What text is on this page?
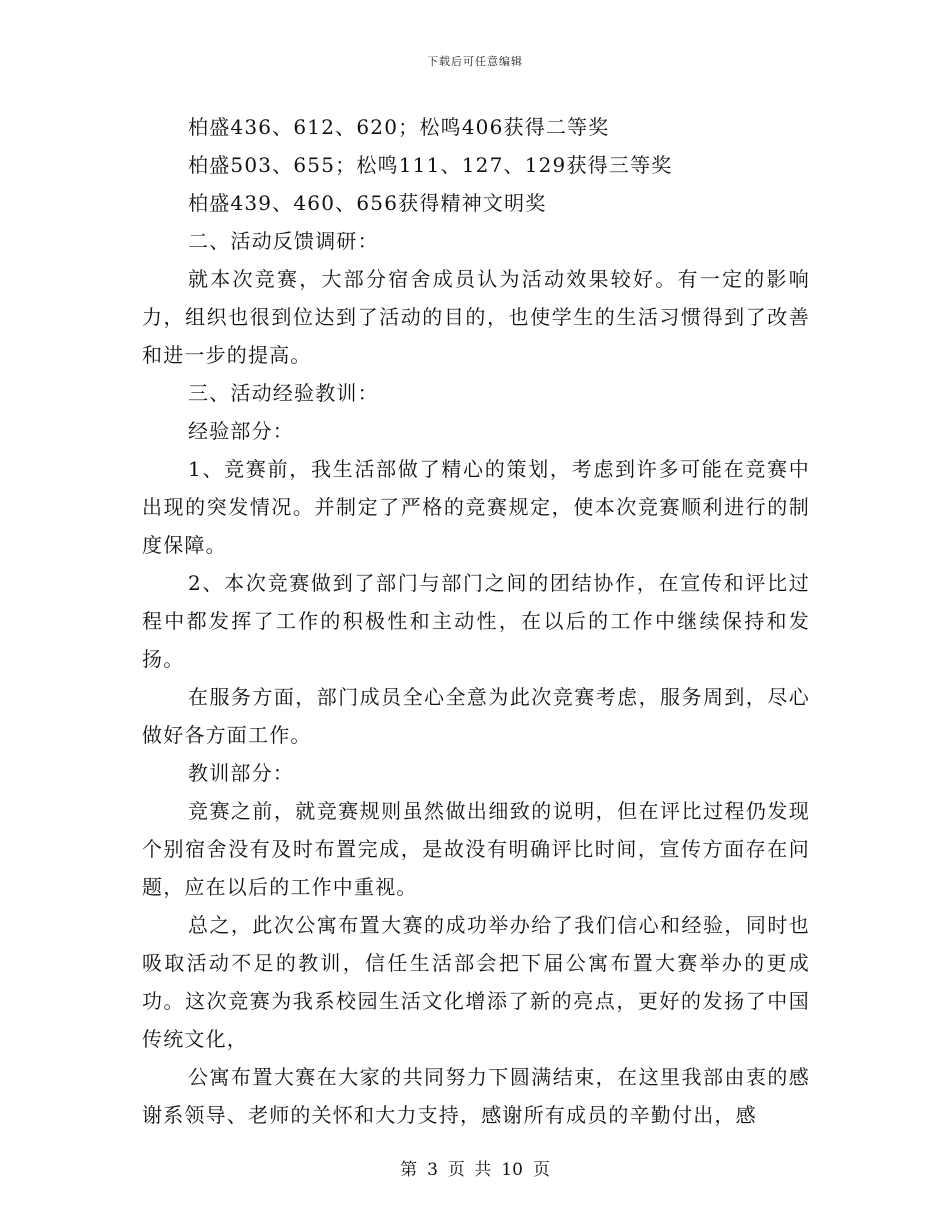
下载后可任意编辑

柏盛436、612、620；松鸣406获得二等奖

柏盛503、655；松鸣111、127、129获得三等奖

柏盛439、460、656获得精神文明奖

二、活动反馈调研：

就本次竞赛，大部分宿舍成员认为活动效果较好。有一定的影响力，组织也很到位达到了活动的目的，也使学生的生活习惯得到了改善和进一步的提高。

三、活动经验教训：

经验部分：

1、竞赛前，我生活部做了精心的策划，考虑到许多可能在竞赛中出现的突发情况。并制定了严格的竞赛规定，使本次竞赛顺利进行的制度保障。

2、本次竞赛做到了部门与部门之间的团结协作，在宣传和评比过程中都发挥了工作的积极性和主动性，在以后的工作中继续保持和发扬。

在服务方面，部门成员全心全意为此次竞赛考虑，服务周到，尽心做好各方面工作。

教训部分：

竞赛之前，就竞赛规则虽然做出细致的说明，但在评比过程仍发现个别宿舍没有及时布置完成，是故没有明确评比时间，宣传方面存在问题，应在以后的工作中重视。

总之，此次公寓布置大赛的成功举办给了我们信心和经验，同时也吸取活动不足的教训，信任生活部会把下届公寓布置大赛举办的更成功。这次竞赛为我系校园生活文化增添了新的亮点，更好的发扬了中国传统文化，

公寓布置大赛在大家的共同努力下圆满结束，在这里我部由衷的感谢系领导、老师的关怀和大力支持，感谢所有成员的辛勤付出，感

第 3 页 共 10 页
